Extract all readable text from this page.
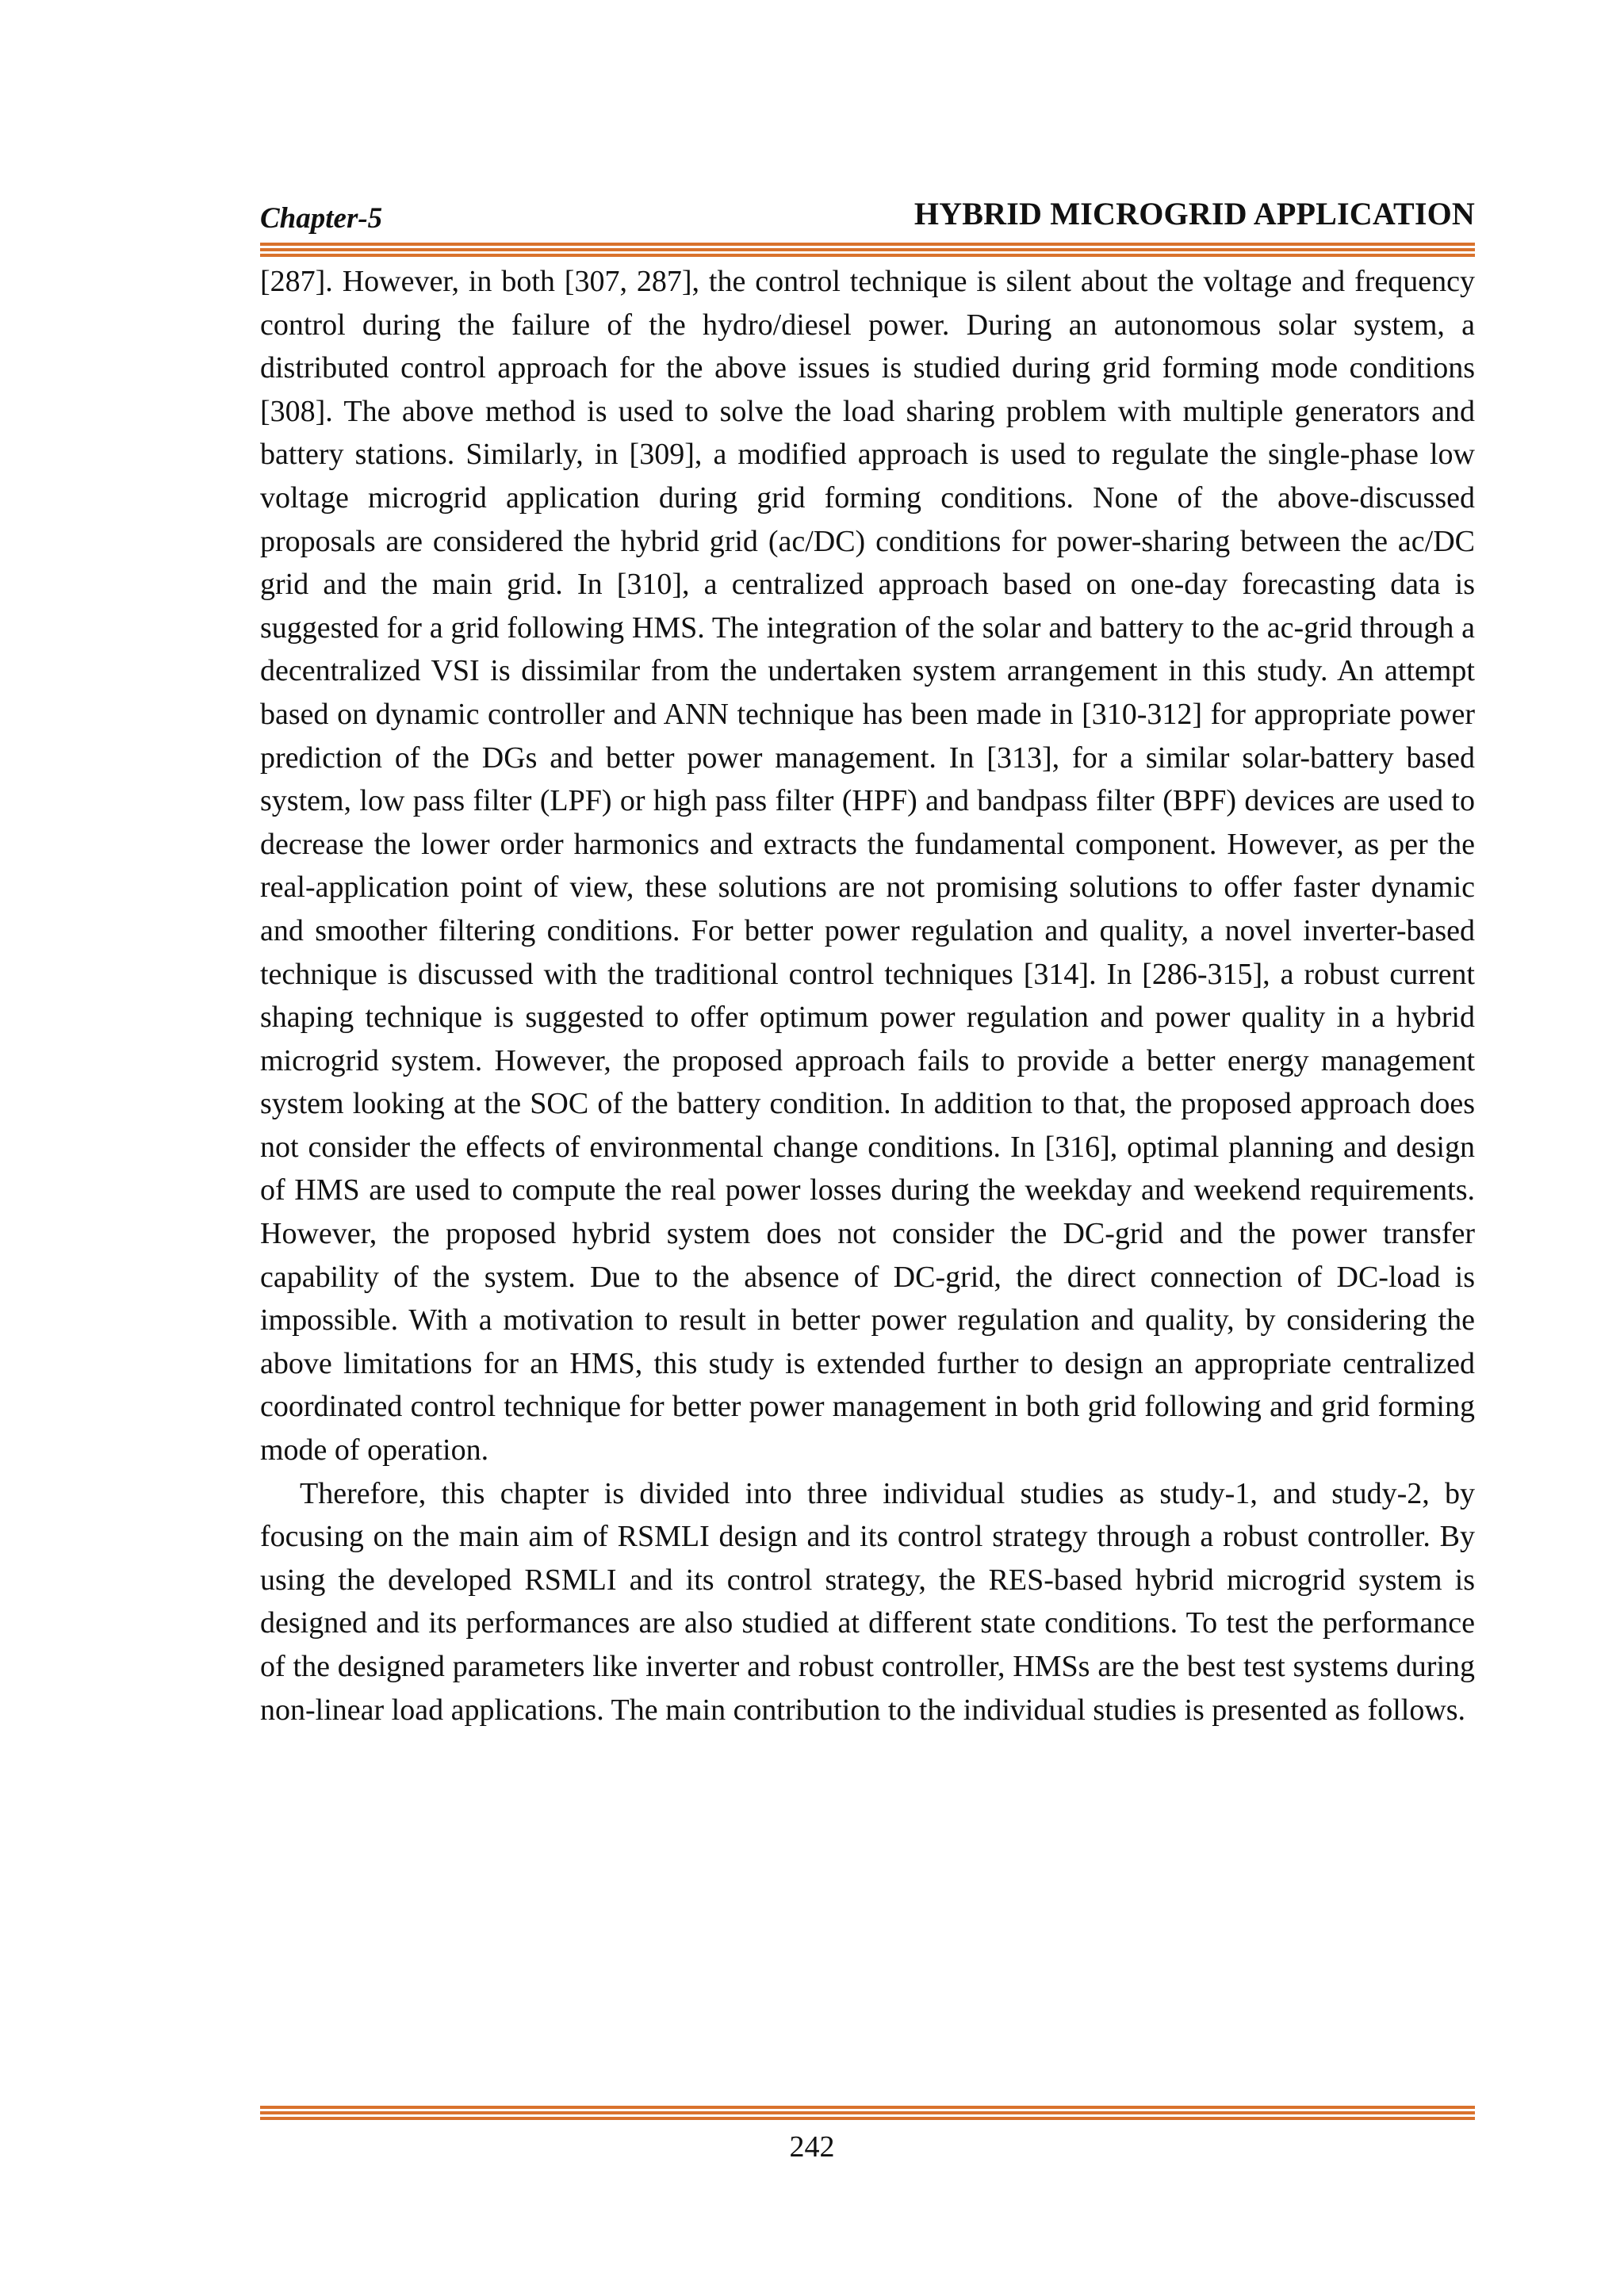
Chapter-5	HYBRID MICROGRID APPLICATION

[287]. However, in both [307, 287], the control technique is silent about the voltage and frequency control during the failure of the hydro/diesel power. During an autonomous solar system, a distributed control approach for the above issues is studied during grid forming mode conditions [308]. The above method is used to solve the load sharing problem with multiple generators and battery stations. Similarly, in [309], a modified approach is used to regulate the single-phase low voltage microgrid application during grid forming conditions. None of the above-discussed proposals are considered the hybrid grid (ac/DC) conditions for power-sharing between the ac/DC grid and the main grid. In [310], a centralized approach based on one-day forecasting data is suggested for a grid following HMS. The integration of the solar and battery to the ac-grid through a decentralized VSI is dissimilar from the undertaken system arrangement in this study. An attempt based on dynamic controller and ANN technique has been made in [310-312] for appropriate power prediction of the DGs and better power management. In [313], for a similar solar-battery based system, low pass filter (LPF) or high pass filter (HPF) and bandpass filter (BPF) devices are used to decrease the lower order harmonics and extracts the fundamental component. However, as per the real-application point of view, these solutions are not promising solutions to offer faster dynamic and smoother filtering conditions. For better power regulation and quality, a novel inverter-based technique is discussed with the traditional control techniques [314]. In [286-315], a robust current shaping technique is suggested to offer optimum power regulation and power quality in a hybrid microgrid system. However, the proposed approach fails to provide a better energy management system looking at the SOC of the battery condition. In addition to that, the proposed approach does not consider the effects of environmental change conditions. In [316], optimal planning and design of HMS are used to compute the real power losses during the weekday and weekend requirements. However, the proposed hybrid system does not consider the DC-grid and the power transfer capability of the system. Due to the absence of DC-grid, the direct connection of DC-load is impossible. With a motivation to result in better power regulation and quality, by considering the above limitations for an HMS, this study is extended further to design an appropriate centralized coordinated control technique for better power management in both grid following and grid forming mode of operation.

Therefore, this chapter is divided into three individual studies as study-1, and study-2, by focusing on the main aim of RSMLI design and its control strategy through a robust controller. By using the developed RSMLI and its control strategy, the RES-based hybrid microgrid system is designed and its performances are also studied at different state conditions. To test the performance of the designed parameters like inverter and robust controller, HMSs are the best test systems during non-linear load applications. The main contribution to the individual studies is presented as follows.

242
